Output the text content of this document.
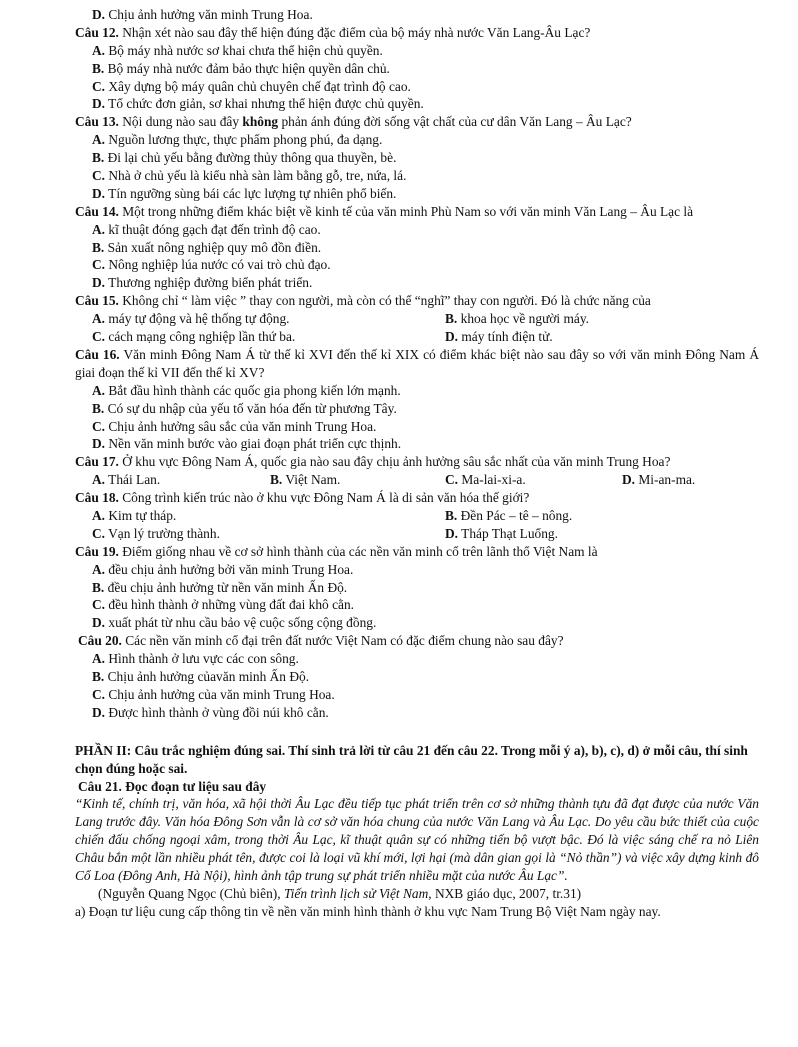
D. Chịu ảnh hưởng văn minh Trung Hoa.
Câu 12. Nhận xét nào sau đây thể hiện đúng đặc điểm của bộ máy nhà nước Văn Lang-Âu Lạc?
A. Bộ máy nhà nước sơ khai chưa thể hiện chủ quyền.
B. Bộ máy nhà nước đảm bảo thực hiện quyền dân chủ.
C. Xây dựng bộ máy quân chủ chuyên chế đạt trình độ cao.
D. Tổ chức đơn giản, sơ khai nhưng thể hiện được chủ quyền.
Câu 13. Nội dung nào sau đây không phản ánh đúng đời sống vật chất của cư dân Văn Lang – Âu Lạc?
A. Nguồn lương thực, thực phẩm phong phú, đa dạng.
B. Đi lại chủ yếu bằng đường thủy thông qua thuyền, bè.
C. Nhà ở chủ yếu là kiểu nhà sàn làm bằng gỗ, tre, nứa, lá.
D. Tín ngưỡng sùng bái các lực lượng tự nhiên phổ biến.
Câu 14. Một trong những điểm khác biệt về kinh tế của văn minh Phù Nam so với văn minh Văn Lang – Âu Lạc là
A. kĩ thuật đóng gạch đạt đến trình độ cao.
B. Sản xuất nông nghiệp quy mô đồn điền.
C. Nông nghiệp lúa nước có vai trò chủ đạo.
D. Thương nghiệp đường biển phát triển.
Câu 15. Không chỉ “ làm việc ” thay con người, mà còn có thể “nghĩ” thay con người. Đó là chức năng của
A. máy tự động và hệ thống tự động.	B. khoa học về người máy.
C. cách mạng công nghiệp lần thứ ba.	D. máy tính điện tử.
Câu 16. Văn minh Đông Nam Á từ thế kỉ XVI đến thế kỉ XIX có điểm khác biệt nào sau đây so với văn minh Đông Nam Á giai đoạn thế kỉ VII đến thế kỉ XV?
A. Bắt đầu hình thành các quốc gia phong kiến lớn mạnh.
B. Có sự du nhập của yếu tố văn hóa đến từ phương Tây.
C. Chịu ảnh hưởng sâu sắc của văn minh Trung Hoa.
D. Nền văn minh bước vào giai đoạn phát triển cực thịnh.
Câu 17. Ở khu vực Đông Nam Á, quốc gia nào sau đây chịu ảnh hưởng sâu sắc nhất của văn minh Trung Hoa?
A. Thái Lan.	B. Việt Nam.	C. Ma-lai-xi-a.	D. Mi-an-ma.
Câu 18. Công trình kiến trúc nào ở khu vực Đông Nam Á là di sản văn hóa thế giới?
A. Kim tự tháp.	B. Đền Pác – tê – nông.
C. Vạn lý trường thành.	D. Tháp Thạt Luổng.
Câu 19. Điểm giống nhau về cơ sở hình thành của các nền văn minh cổ trên lãnh thổ Việt Nam là
A. đều chịu ảnh hưởng bởi văn minh Trung Hoa.
B. đều chịu ảnh hưởng từ nền văn minh Ấn Độ.
C. đều hình thành ở những vùng đất đai khô cằn.
D. xuất phát từ nhu cầu bảo vệ cuộc sống cộng đồng.
Câu 20. Các nền văn minh cổ đại trên đất nước Việt Nam có đặc điểm chung nào sau đây?
A. Hình thành ở lưu vực các con sông.
B. Chịu ảnh hưởng củavăn minh Ấn Độ.
C. Chịu ảnh hưởng của văn minh Trung Hoa.
D. Được hình thành ở vùng đồi núi khô cằn.
PHẦN II: Câu trắc nghiệm đúng sai. Thí sinh trả lời từ câu 21 đến câu 22. Trong mỗi ý a), b), c), d) ở mỗi câu, thí sinh chọn đúng hoặc sai.
Câu 21. Đọc đoạn tư liệu sau đây
“Kinh tế, chính trị, văn hóa, xã hội thời Âu Lạc đều tiếp tục phát triển trên cơ sở những thành tựu đã đạt được của nước Văn Lang trước đây. Văn hóa Đông Sơn vẫn là cơ sở văn hóa chung của nước Văn Lang và Âu Lạc. Do yêu cầu bức thiết của cuộc chiến đấu chống ngoại xâm, trong thời Âu Lạc, kĩ thuật quân sự có những tiến bộ vượt bậc. Đó là việc sáng chế ra nỏ Liên Châu bắn một lần nhiều phát tên, được coi là loại vũ khí mới, lợi hại (mà dân gian gọi là “Nỏ thần”) và việc xây dựng kinh đô Cổ Loa (Đông Anh, Hà Nội), hình ảnh tập trung sự phát triển nhiều mặt của nước Âu Lạc”.
(Nguyễn Quang Ngọc (Chủ biên), Tiến trình lịch sử Việt Nam, NXB giáo dục, 2007, tr.31)
a) Đoạn tư liệu cung cấp thông tin về nền văn minh hình thành ở khu vực Nam Trung Bộ Việt Nam ngày nay.
